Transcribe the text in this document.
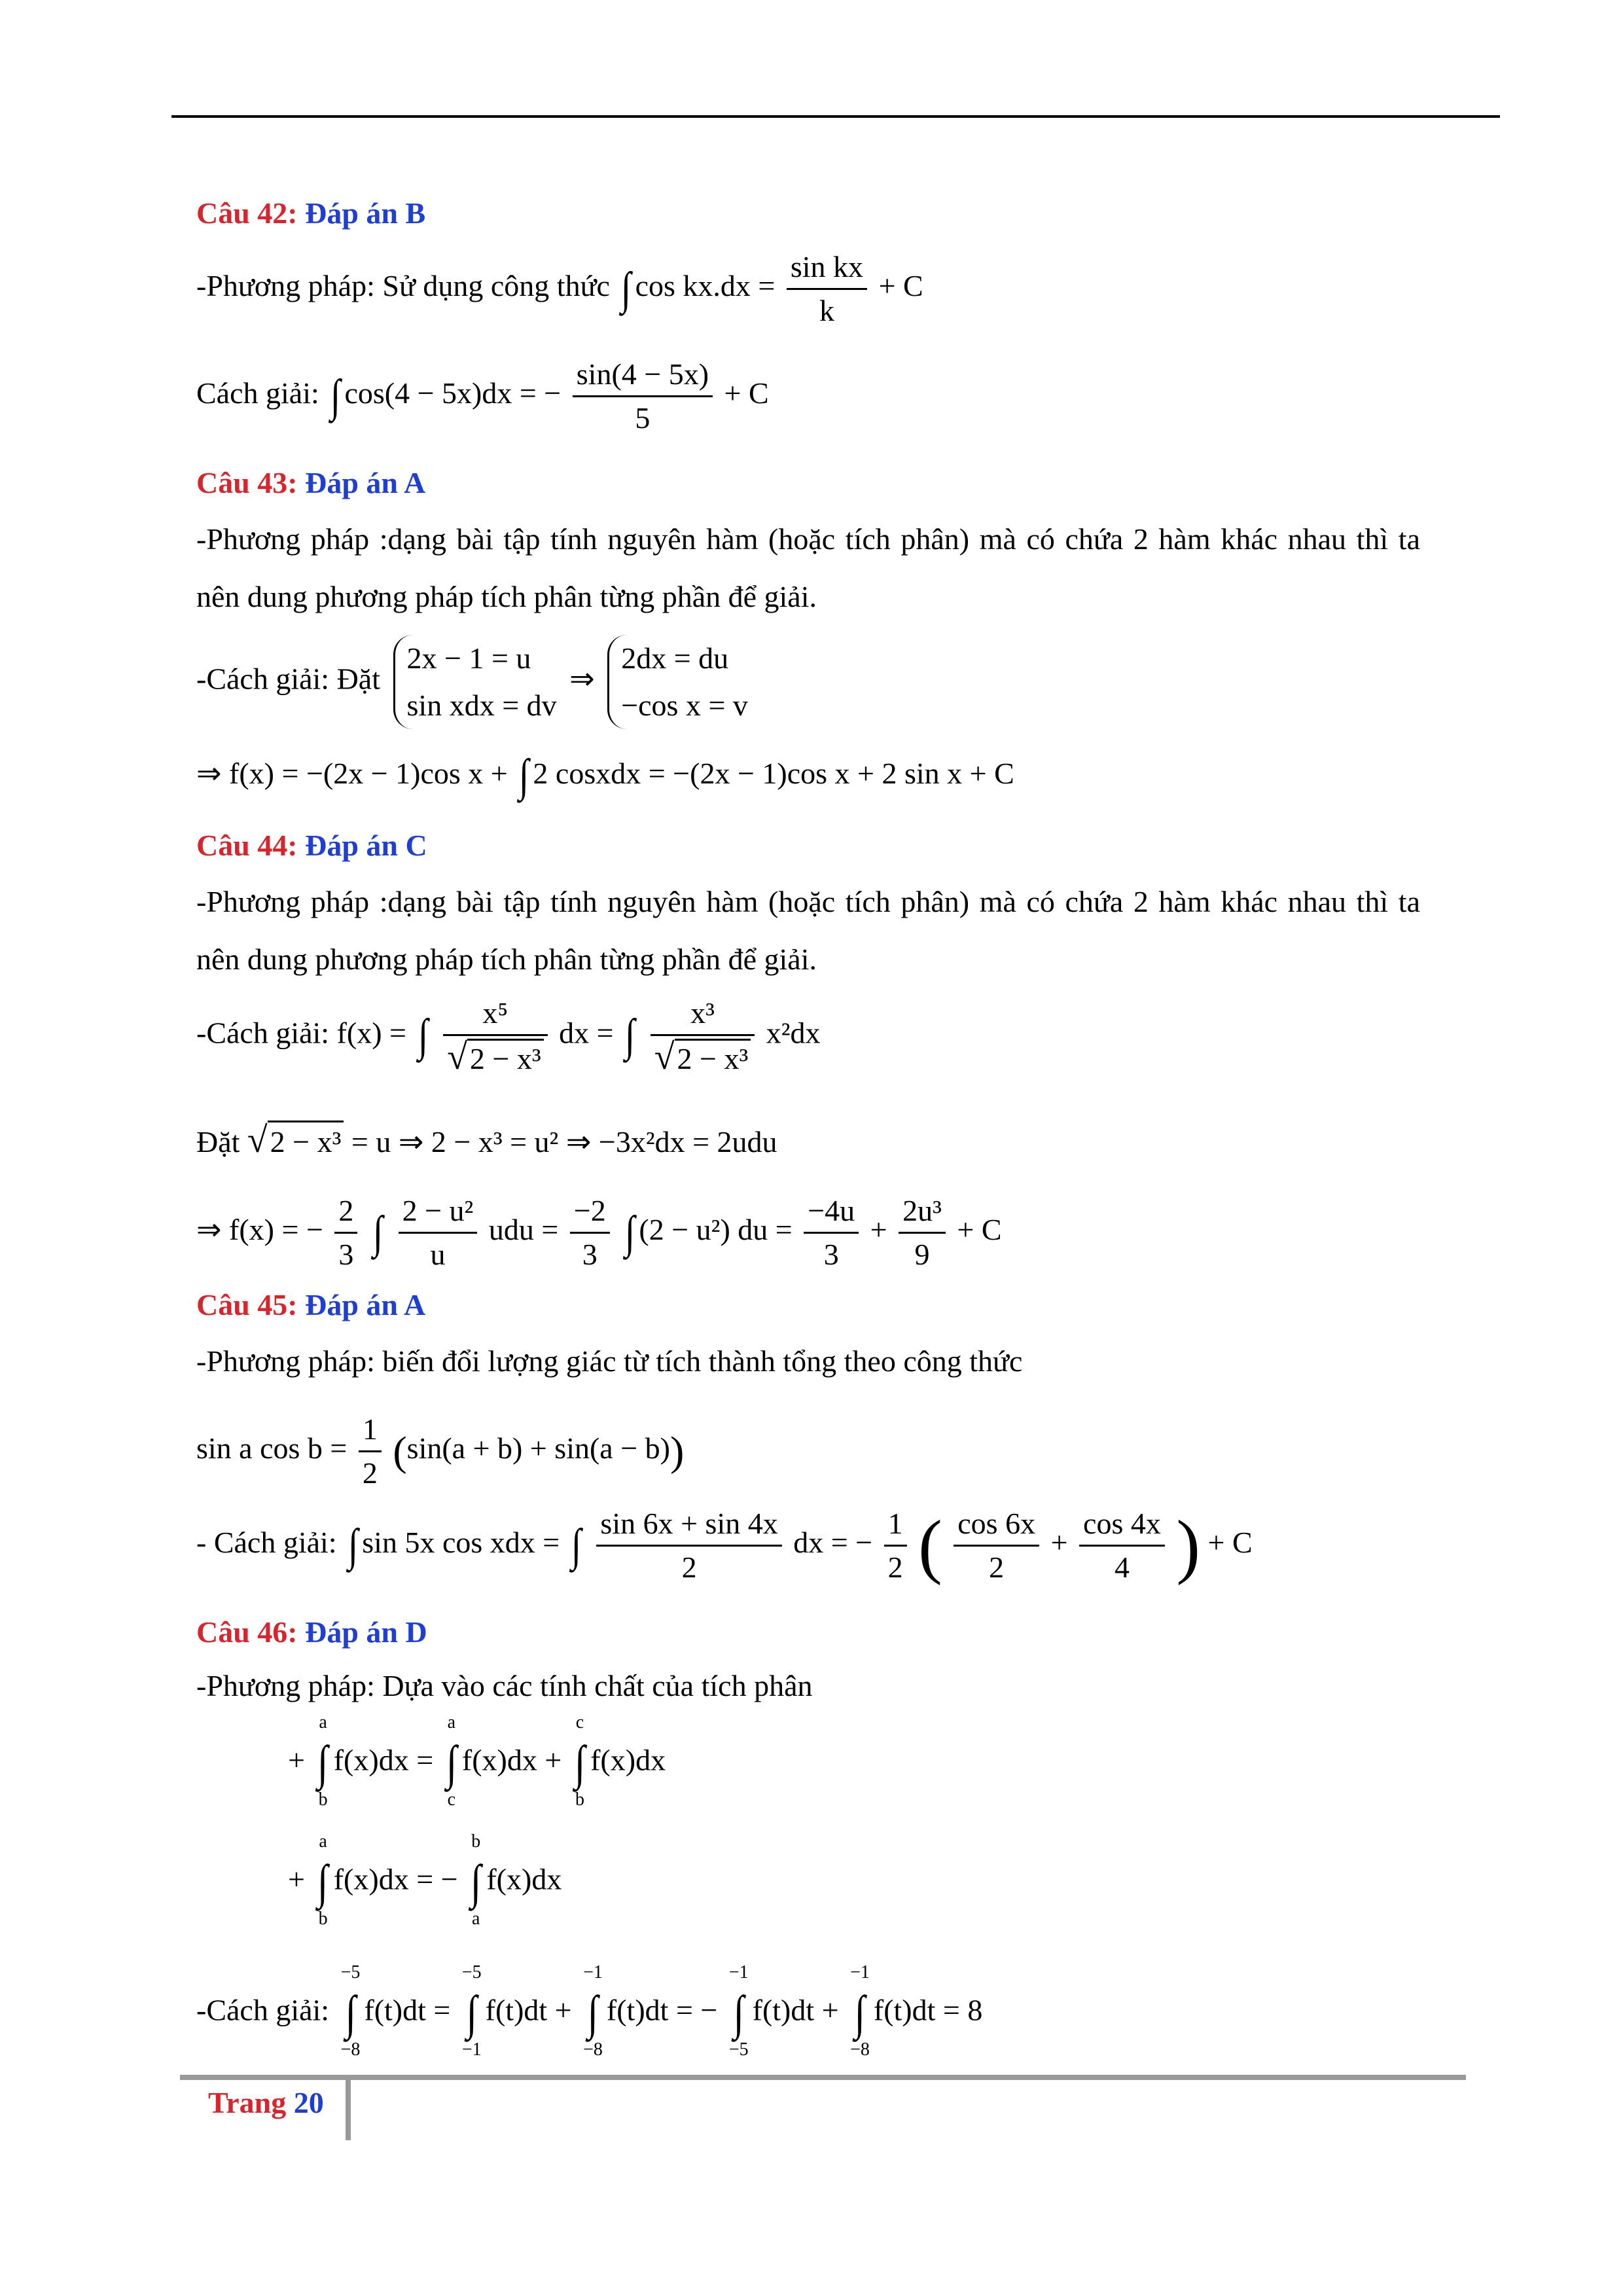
Câu 42: Đáp án B
-Phương pháp: Sử dụng công thức ∫ $\cos kx.dx = \frac{\text{sin kx}}{k} + C$
Cách giải: ∫ cos(4 − 5x)dx = − $\frac{\sin(4 - 5x)}{5} + C$
Câu 43: Đáp án A
-Phương pháp :dạng bài tập tính nguyên hàm (hoặc tích phân) mà có chứa 2 hàm khác nhau thì ta nên dung phương pháp tích phân từng phần để giải.
-Cách giải: Đặt 2x − 1 = u
sin xdx = dv ⇒ 2dx = du
−cos x = v
⇒ f(x) = −(2x − 1)cos x + ∫ 2 cosxdx = −(2x − 1)cos x + 2 sin x + C
Câu 44: Đáp án C
-Phương pháp :dạng bài tập tính nguyên hàm (hoặc tích phân) mà có chứa 2 hàm khác nhau thì ta nên dung phương pháp tích phân từng phần để giải.
-Cách giải: f(x) = ∫ $\frac{\text{x⁵}}{\text{√2 − x³}}$ dx = ∫ $\frac{\text{x³}}{\text{√2 − x³}} x^2dx$
Đặt √2 − x³ = u ⇒ 2 − x³ = u² ⇒ −3x²dx = 2udu
⇒ f(x) = − $\frac{2}{3}$ ∫ $\frac{\text{2 − u²}}{u}$ udu = $\frac{-2}{3}$ ∫ (2 − u²) du = $\frac{-4u}{3} + \frac{\text{2u³}}{9} + C$
Câu 45: Đáp án A
-Phương pháp: biến đổi lượng giác từ tích thành tổng theo công thức
sin a $\cos b = \frac{1}{2} (\sin(a + b) + \sin(a - b))$
- Cách giải: ∫ sin 5x cos xdx = ∫ $\frac{\sin 6x + \sin 4x}{2}$ dx = − $\frac{1}{2}$ ( $\frac{\cos 6x}{2} + \frac{\cos 4x}{4}$ ) + C
Câu 46: Đáp án D
-Phương pháp: Dựa vào các tính chất của tích phân
+
a
∫
b
f(x)dx =
a
∫
c
f(x)dx +
c
∫
b
f(x)dx
+
a
∫
b
f(x)dx = −
b
∫
a
f(x)dx
-Cách giải:
−5
∫
−8
f(t)dt =
−5
∫
−1
f(t)dt +
−1
∫
−8
f(t)dt = −
−1
∫
−5
f(t)dt +
−1
∫
−8
f(t)dt = 8
Trang 20
